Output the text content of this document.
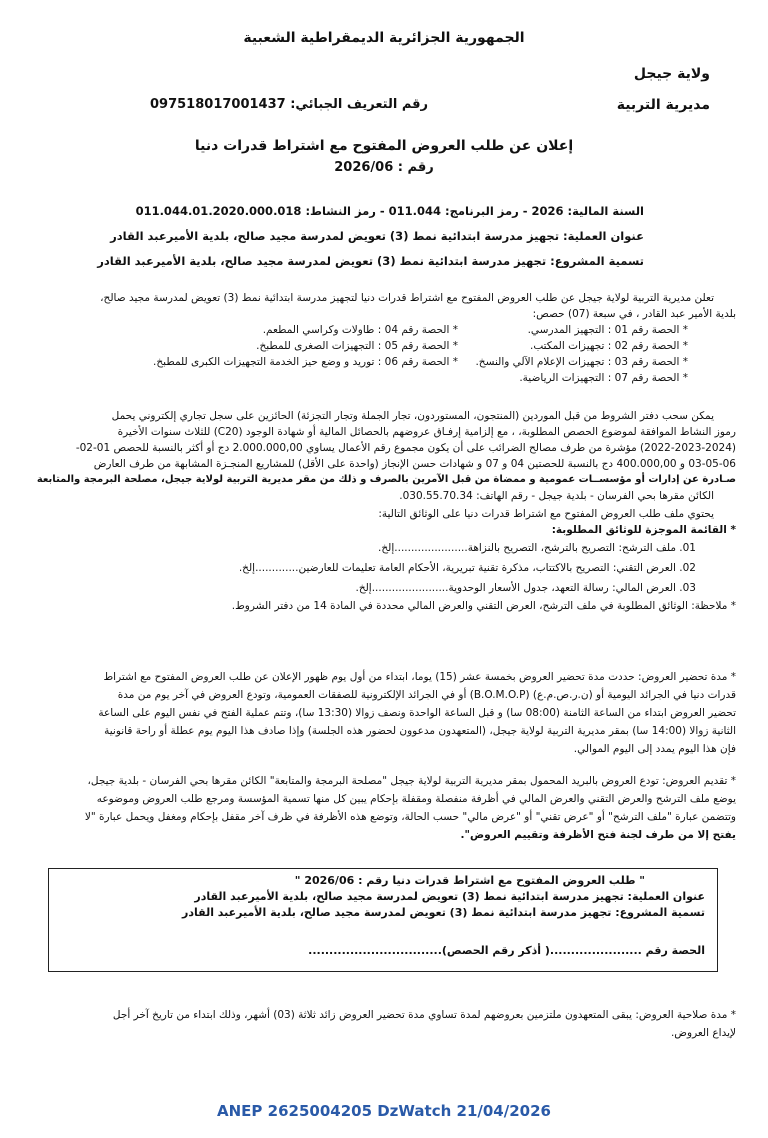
الجمهورية الجزائرية الديمقراطية الشعبية
ولاية جيجل
مديرية التربية
رقم التعريف الجبائي: 097518017001437
إعلان عن طلب العروض المفتوح مع اشتراط قدرات دنيا
رقم : 2026/06
السنة المالية: 2026 - رمز البرنامج: 011.044 - رمز النشاط: 011.044.01.2020.000.018
عنوان العملية: تجهيز مدرسة ابتدائية نمط (3) تعويض لمدرسة مجيد صالح، بلدية الأميرعبد القادر
تسمية المشروع: تجهيز مدرسة ابتدائية نمط (3) تعويض لمدرسة مجيد صالح، بلدية الأميرعبد القادر
تعلن مديرية التربية لولاية جيجل عن طلب العروض المفتوح مع اشتراط قدرات دنيا لتجهيز مدرسة ابتدائية نمط (3) تعويض لمدرسة مجيد صالح،
بلدية الأمير عبد القادر ، في سبعة (07) حصص:
* الحصة رقم 01 : التجهيز المدرسي.
* الحصة رقم 04 : طاولات وكراسي المطعم.
* الحصة رقم 02 : تجهيزات المكتب.
* الحصة رقم 05 : التجهيزات الصغرى للمطبخ.
* الحصة رقم 03 : تجهيزات الإعلام الآلي والنسخ.
* الحصة رقم 06 : توريد و وضع حيز الخدمة التجهيزات الكبرى للمطبخ.
* الحصة رقم 07 : التجهيزات الرياضية.
يمكن سحب دفتر الشروط من قبل الموردين (المنتجون، المستوردون، تجار الجملة وتجار التجزئة) الحائزين على سجل تجاري إلكتروني يحمل
رموز النشاط الموافقة لموضوع الحصص المطلوبة، ، مع إلزامية إرفـاق عروضهم بالحصائل المالية أو شهادة الوجود (C20) للثلاث سنوات الأخيرة
(2022-2023-2024) مؤشرة من طرف مصالح الضرائب على أن يكون مجموع رقم الأعمال يساوي 2.000.000,00 دج أو أكثر بالنسبة للحصص 01-02-
03-05-06 و 400.000,00 دج بالنسبة للحصتين 04 و 07 و شهادات حسن الإنجاز (واحدة على الأقل) للمشاريع المنجـزة المشابهة من طرف العارض
صـادرة عن إدارات أو مؤسســات عمومية و ممضاة من قبل الآمرين بالصرف و ذلك من مقر مديرية التربية لولاية جيجل، مصلحة البرمجة والمتابعة
الكائن مقرها بحي الفرسان - بلدية جيجل - رقم الهاتف: 030.55.70.34.
يحتوي ملف طلب العروض المفتوح مع اشتراط قدرات دنيا على الوثائق التالية:
* القائمة الموجزة للوثائق المطلوبة:
01. ملف الترشح: التصريح بالترشح، التصريح بالنزاهة......................إلخ.
02. العرض التقني: التصريح بالاكتتاب، مذكرة تقنية تبريرية، الأحكام العامة تعليمات للعارضين.............إلخ.
03. العرض المالي: رسالة التعهد، جدول الأسعار الوحدوية.......................إلخ.
* ملاحظة: الوثائق المطلوبة في ملف الترشح، العرض التقني والعرض المالي محددة في المادة 14 من دفتر الشروط.
* مدة تحضير العروض: حددت مدة تحضير العروض بخمسة عشر (15) يوما، ابتداء من أول يوم ظهور الإعلان عن طلب العروض المفتوح مع اشتراط
قدرات دنيا في الجرائد اليومية أو (ن.ر.ص.م.ع) (B.O.M.O.P) أو في الجرائد الإلكترونية للصفقات العمومية، وتودع العروض في آخر يوم من مدة
تحضير العروض ابتداء من الساعة الثامنة (08:00 سا) و قبل الساعة الواحدة ونصف زوالا (13:30 سا)، وتتم عملية الفتح في نفس اليوم على الساعة
الثانية زوالا (14:00 سا) بمقر مديرية التربية لولاية جيجل، (المتعهدون مدعوون لحضور هذه الجلسة) وإذا صادف هذا اليوم يوم عطلة أو راحة قانونية
فإن هذا اليوم يمدد إلى اليوم الموالي.
* تقديم العروض: تودع العروض بالبريد المحمول بمقر مديرية التربية لولاية جيجل "مصلحة البرمجة والمتابعة" الكائن مقرها بحي الفرسان - بلدية جيجل،
يوضع ملف الترشح والعرض التقني والعرض المالي في أظرفة منفصلة ومقفلة بإحكام يبين كل منها تسمية المؤسسة ومرجع طلب العروض وموضوعه
وتتضمن عبارة "ملف الترشح" أو "عرض تقني" أو "عرض مالي" حسب الحالة، وتوضع هذه الأظرفة في ظرف آخر مقفل بإحكام ومغفل ويحمل عبارة "لا
يفتح إلا من طرف لجنة فتح الأظرفة وتقييم العروض".
" طلب العروض المفتوح مع اشتراط قدرات دنيا رقم : 2026/06 "
عنوان العملية: تجهيز مدرسة ابتدائية نمط (3) تعويض لمدرسة مجيد صالح، بلدية الأميرعبد القادر
تسمية المشروع: تجهيز مدرسة ابتدائية نمط (3) تعويض لمدرسة مجيد صالح، بلدية الأميرعبد القادر
الحصة رقم ......................( أذكر رقم الحصص)................................
* مدة صلاحية العروض: يبقى المتعهدون ملتزمين بعروضهم لمدة تساوي مدة تحضير العروض زائد ثلاثة (03) أشهر، وذلك ابتداء من تاريخ آخر أجل
لإيداع العروض.
ANEP 2625004205 DzWatch 21/04/2026
